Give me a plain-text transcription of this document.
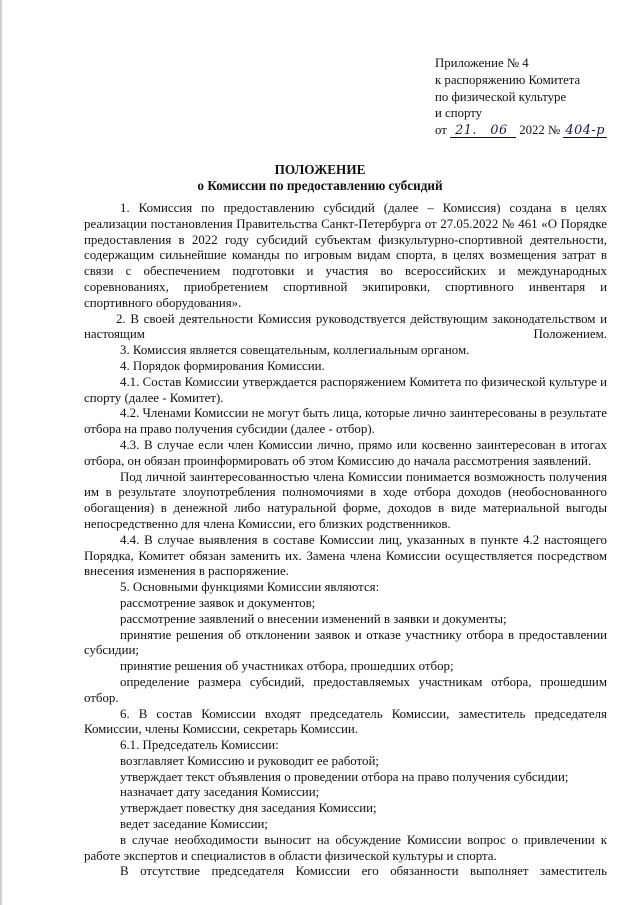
Приложение № 4
к распоряжению Комитета
по физической культуре
и спорту
от 21. 06 2022 № 404-р
ПОЛОЖЕНИЕ
о Комиссии по предоставлению субсидий

1. Комиссия по предоставлению субсидий (далее – Комиссия) создана в целях реализации постановления Правительства Санкт-Петербурга от 27.05.2022 № 461 «О Порядке предоставления в 2022 году субсидий субъектам физкультурно-спортивной деятельности, содержащим сильнейшие команды по игровым видам спорта, в целях возмещения затрат в связи с обеспечением подготовки и участия во всероссийских и международных соревнованиях, приобретением спортивной экипировки, спортивного инвентаря и спортивного оборудования».

2. В своей деятельности Комиссия руководствуется действующим законодательством и настоящим Положением.

3. Комиссия является совещательным, коллегиальным органом.

4. Порядок формирования Комиссии.

4.1. Состав Комиссии утверждается распоряжением Комитета по физической культуре и спорту (далее - Комитет).

4.2. Членами Комиссии не могут быть лица, которые лично заинтересованы в результате отбора на право получения субсидии (далее - отбор).

4.3. В случае если член Комиссии лично, прямо или косвенно заинтересован в итогах отбора, он обязан проинформировать об этом Комиссию до начала рассмотрения заявлений.

Под личной заинтересованностью члена Комиссии понимается возможность получения им в результате злоупотребления полномочиями в ходе отбора доходов (необоснованного обогащения) в денежной либо натуральной форме, доходов в виде материальной выгоды непосредственно для члена Комиссии, его близких родственников.

4.4. В случае выявления в составе Комиссии лиц, указанных в пункте 4.2 настоящего Порядка, Комитет обязан заменить их. Замена члена Комиссии осуществляется посредством внесения изменения в распоряжение.

5. Основными функциями Комиссии являются:

рассмотрение заявок и документов;

рассмотрение заявлений о внесении изменений в заявки и документы;

принятие решения об отклонении заявок и отказе участнику отбора в предоставлении субсидии;

принятие решения об участниках отбора, прошедших отбор;

определение размера субсидий, предоставляемых участникам отбора, прошедшим отбор.

6. В состав Комиссии входят председатель Комиссии, заместитель председателя Комиссии, члены Комиссии, секретарь Комиссии.

6.1. Председатель Комиссии:

возглавляет Комиссию и руководит ее работой;

утверждает текст объявления о проведении отбора на право получения субсидии;

назначает дату заседания Комиссии;

утверждает повестку дня заседания Комиссии;

ведет заседание Комиссии;

в случае необходимости выносит на обсуждение Комиссии вопрос о привлечении к работе экспертов и специалистов в области физической культуры и спорта.

В отсутствие председателя Комиссии его обязанности выполняет заместитель
